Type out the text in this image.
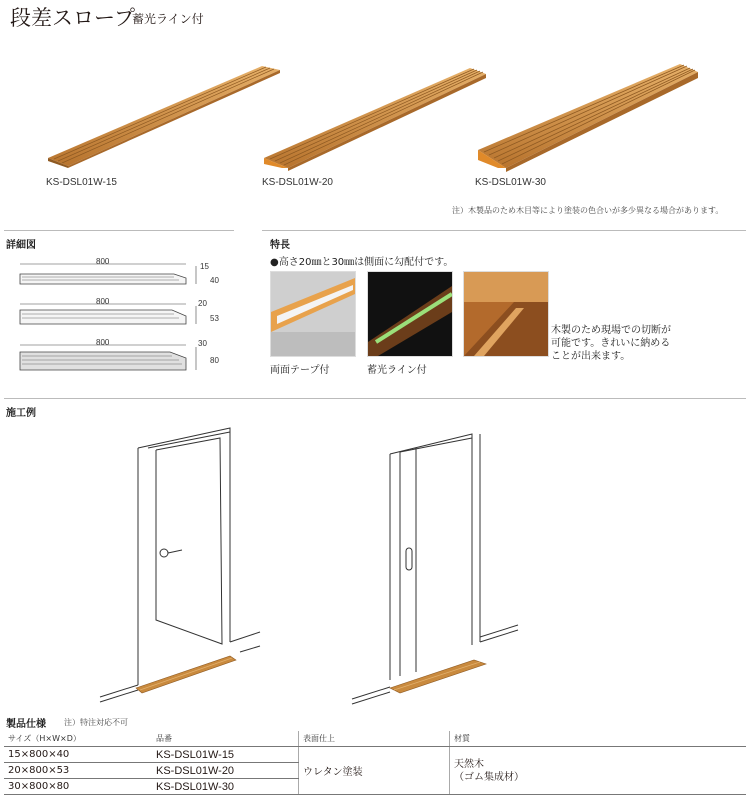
段差スロープ
蓄光ライン付
KS-DSL01W-15	KS-DSL01W-20	KS-DSL01W-30
注）木製品のため木目等により塗装の色合いが多少異なる場合があります。
詳細図
800
15
40
800	20
53
800	30
80
特長
●高さ20㎜と30㎜は側面に勾配付です。
両面テープ付	蓄光ライン付
木製のため現場での切断が
可能です。きれいに納める
ことが出来ます。
施工例
製品仕様 注）特注対応不可
サイズ（H×W×D）	品番	表面仕上	材質
15×800×40	KS-DSL01W-15	ウレタン塗装	天然木
（ゴム集成材）

20×800×53	KS-DSL01W-20		
30×800×80	KS-DSL01W-30		
